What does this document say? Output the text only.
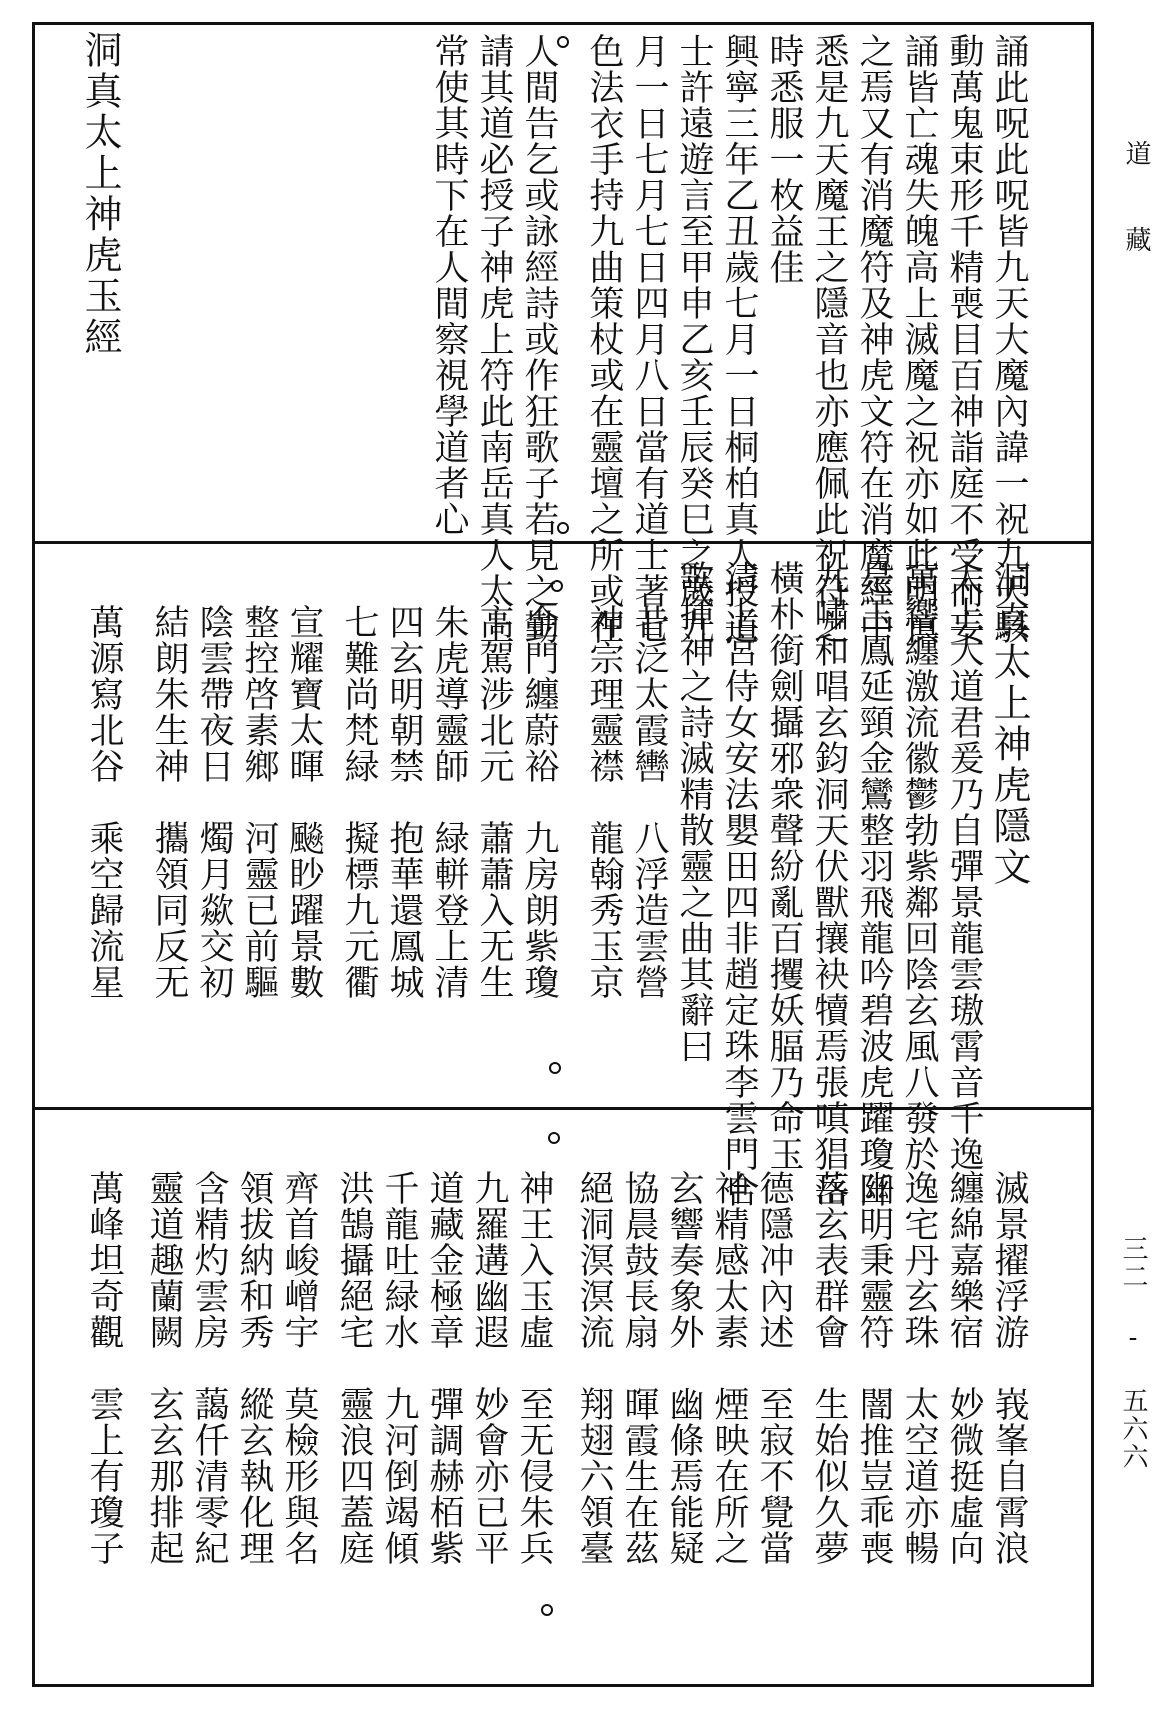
道藏
三二 - 五六六
誦此呪此呪皆九天大魔內諱一祝九天駭
動萬鬼束形千精喪目百神詣庭不受而妄
誦皆亡魂失魄高上滅魔之祝亦如此明慎
之焉又有消魔符及神虎文符在消魔經中
悉是九天魔王之隱音也亦應佩此祝符之
時悉服一枚益佳
興寧三年乙丑歲七月一日桐柏真人授道
士許遠遊言至甲申乙亥壬辰癸巳之歲九
月一日七月七日四月八日當有道士著七
色法衣手持九曲策杖或在靈壇之所或在
人間告乞或詠經詩或作狂歌子若見之勤
請其道必授子神虎上符此南岳真人太上
常使其時下在人間察視學道者心
洞真太上神虎玉經
洞真太上神虎隱文
太上大道君爰乃自彈景龍雲璈霄音千逸
萬響纏激流徽鬱勃紫鄰回陰玄風八發於
是玉鳳延頸金鸞整羽飛龍吟碧波虎躍瓊阡
九嘯和唱玄鈞洞天伏獸攘袂犢焉張嗔猖岳
橫朴銜劍攝邪衆聲紛亂百攫妖腷乃命玉
清上宮侍女安法嬰田四非趙定珠李雲門合
歌揮神之詩滅精散靈之曲其辭曰
昔泛太霞轡　八浮造雲營
神宗理靈襟　龍翰秀玉京
金門纏蔚裕　九房朗紫瓊
高駕涉北元　蕭蕭入无生
朱虎導靈師　緑軿登上清
四玄明朝禁　抱華還鳳城
七難尚梵緑　擬標九元衢
宣耀寶太暉　飈眇躍景數
整控啓素鄉　河靈已前驅
陰雲帶夜日　燭月歘交初
結朗朱生神　攜領同反无
萬源寫北谷　乘空歸流星
滅景擢浮游　峩峯自霄浪
纏綿嘉樂宿　妙微挺虛向
逸宅丹玄珠　太空道亦暢
幽明秉靈符　闇推豈乖喪
落玄表群會　生始似久夢
德隱冲內述　至寂不覺當
神精感太素　煙映在所之
玄響奏象外　幽條焉能疑
協晨鼓長扇　暉霞生在茲
絕洞溟溟流　翔翅六領臺
神王入玉虛　至无侵朱兵
九羅遘幽遐　妙會亦已平
道藏金極章　彈調赫栢紫
千龍吐緑水　九河倒竭傾
洪鵠攝絕宅　靈浪四蓋庭
齊首峻嶒宇　莫檢形與名
領拔納和秀　縱玄執化理
含精灼雲房　藹仟清零紀
靈道趣蘭闕　玄玄那排起
萬峰坦奇觀　雲上有瓊子
